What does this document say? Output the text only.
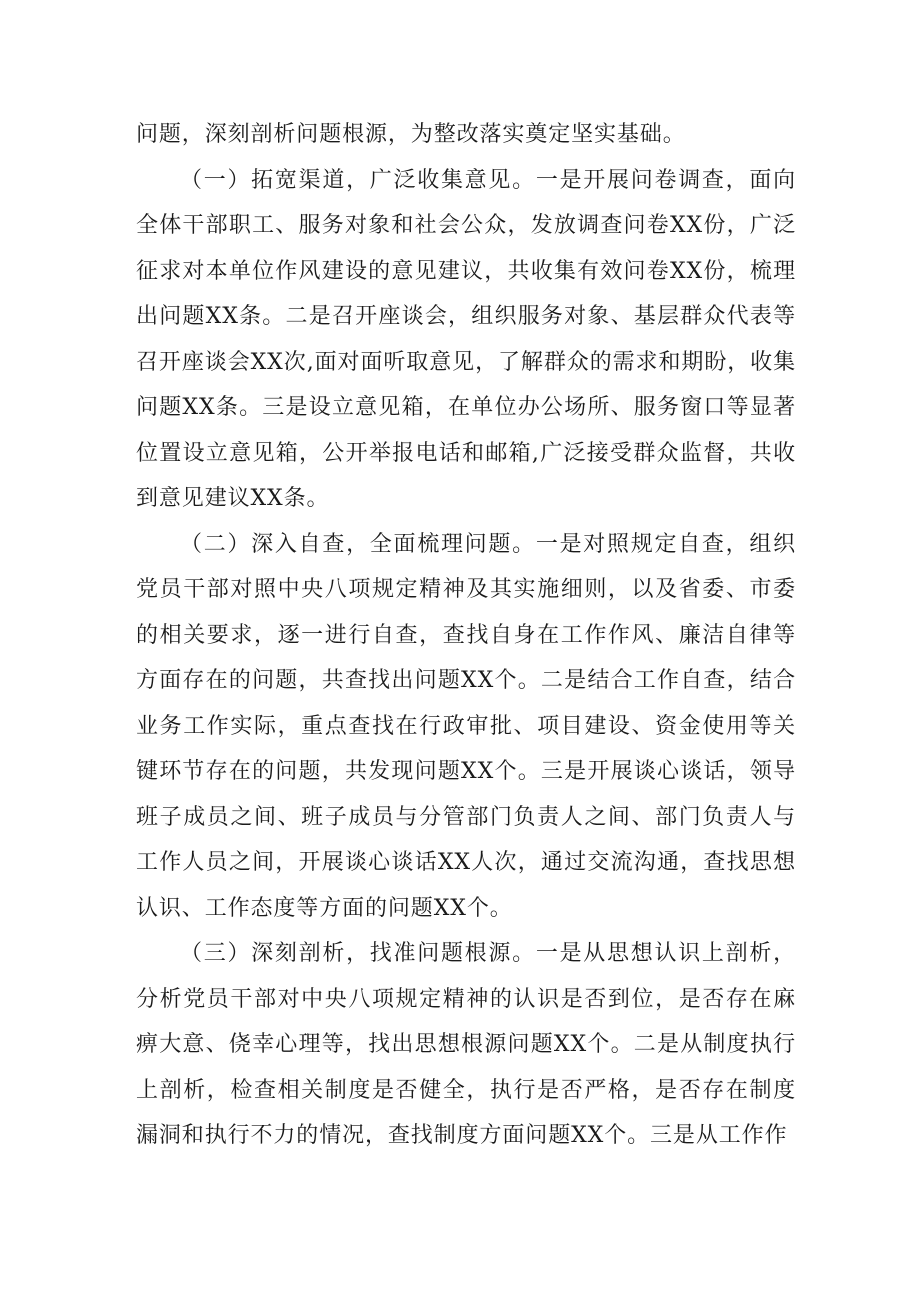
问题，深刻剖析问题根源，为整改落实奠定坚实基础。

（一）拓宽渠道，广泛收集意见。一是开展问卷调查，面向全体干部职工、服务对象和社会公众，发放调查问卷XX份，广泛征求对本单位作风建设的意见建议，共收集有效问卷XX份，梳理出问题XX条。二是召开座谈会，组织服务对象、基层群众代表等召开座谈会XX次,面对面听取意见，了解群众的需求和期盼，收集问题XX条。三是设立意见箱，在单位办公场所、服务窗口等显著位置设立意见箱，公开举报电话和邮箱,广泛接受群众监督，共收到意见建议XX条。

（二）深入自查，全面梳理问题。一是对照规定自查，组织党员干部对照中央八项规定精神及其实施细则，以及省委、市委的相关要求，逐一进行自查，查找自身在工作作风、廉洁自律等方面存在的问题，共查找出问题XX个。二是结合工作自查，结合业务工作实际，重点查找在行政审批、项目建设、资金使用等关键环节存在的问题，共发现问题XX个。三是开展谈心谈话，领导班子成员之间、班子成员与分管部门负责人之间、部门负责人与工作人员之间，开展谈心谈话XX人次，通过交流沟通，查找思想认识、工作态度等方面的问题XX个。

（三）深刻剖析，找准问题根源。一是从思想认识上剖析，分析党员干部对中央八项规定精神的认识是否到位，是否存在麻痹大意、侥幸心理等，找出思想根源问题XX个。二是从制度执行上剖析，检查相关制度是否健全，执行是否严格，是否存在制度漏洞和执行不力的情况，查找制度方面问题XX个。三是从工作作
